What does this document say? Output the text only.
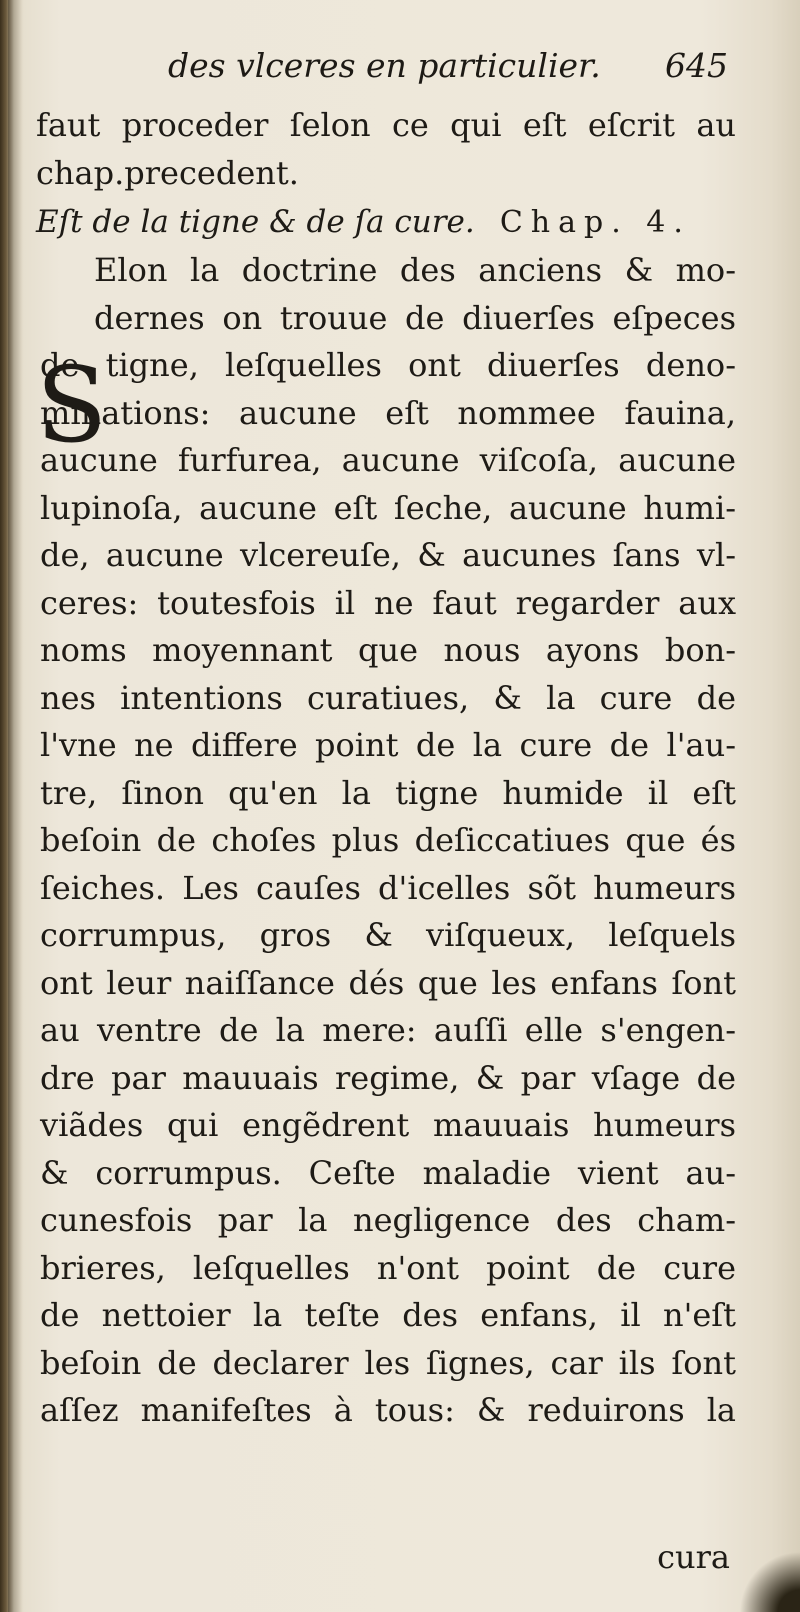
des vlceres en particulier. 645
faut proceder ſelon ce qui eſt eſcrit au
chap.precedent.
Eſt de la tigne & de ſa cure. Chap. 4.
S
Elon la doctrine des anciens & mo-
dernes on trouue de diuerſes eſpeces
de tigne, leſquelles ont diuerſes deno-
minations: aucune eſt nommee fauina,
aucune furfurea, aucune viſcoſa, aucune
lupinoſa, aucune eſt ſeche, aucune humi-
de, aucune vlcereuſe, & aucunes ſans vl-
ceres: toutesfois il ne faut regarder aux
noms moyennant que nous ayons bon-
nes intentions curatiues, & la cure de
l'vne ne differe point de la cure de l'au-
tre, ſinon qu'en la tigne humide il eſt
beſoin de choſes plus deſiccatiues que és
ſeiches. Les cauſes d'icelles sõt humeurs
corrumpus, gros & viſqueux, leſquels
ont leur naiſſance dés que les enfans ſont
au ventre de la mere: auſſi elle s'engen-
dre par mauuais regime, & par vſage de
viãdes qui engẽdrent mauuais humeurs
& corrumpus. Ceſte maladie vient au-
cunesfois par la negligence des cham-
brieres, leſquelles n'ont point de cure
de nettoier la teſte des enfans, il n'eſt
beſoin de declarer les ſignes, car ils ſont
aſſez manifeſtes à tous: & reduirons la
cura
